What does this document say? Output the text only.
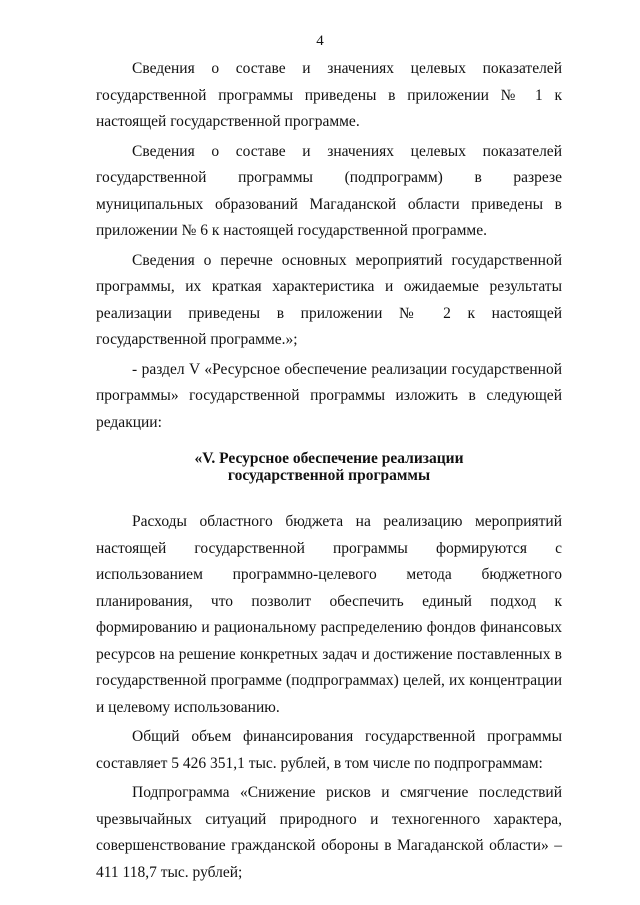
4

Сведения о составе и значениях целевых показателей государственной программы приведены в приложении № 1 к настоящей государственной программе.

Сведения о составе и значениях целевых показателей государственной программы (подпрограмм) в разрезе муниципальных образований Магаданской области приведены в приложении № 6 к настоящей государственной программе.

Сведения о перечне основных мероприятий государственной программы, их краткая характеристика и ожидаемые результаты реализации приведены в приложении № 2 к настоящей государственной программе.»;

- раздел V «Ресурсное обеспечение реализации государственной программы» государственной программы изложить в следующей редакции:

«V. Ресурсное обеспечение реализации
государственной программы

Расходы областного бюджета на реализацию мероприятий настоящей государственной программы формируются с использованием программно-целевого метода бюджетного планирования, что позволит обеспечить единый подход к формированию и рациональному распределению фондов финансовых ресурсов на решение конкретных задач и достижение поставленных в государственной программе (подпрограммах) целей, их концентрации и целевому использованию.

Общий объем финансирования государственной программы составляет 5 426 351,1 тыс. рублей, в том числе по подпрограммам:

Подпрограмма «Снижение рисков и смягчение последствий чрезвычайных ситуаций природного и техногенного характера, совершенствование гражданской обороны в Магаданской области» – 411 118,7 тыс. рублей;
